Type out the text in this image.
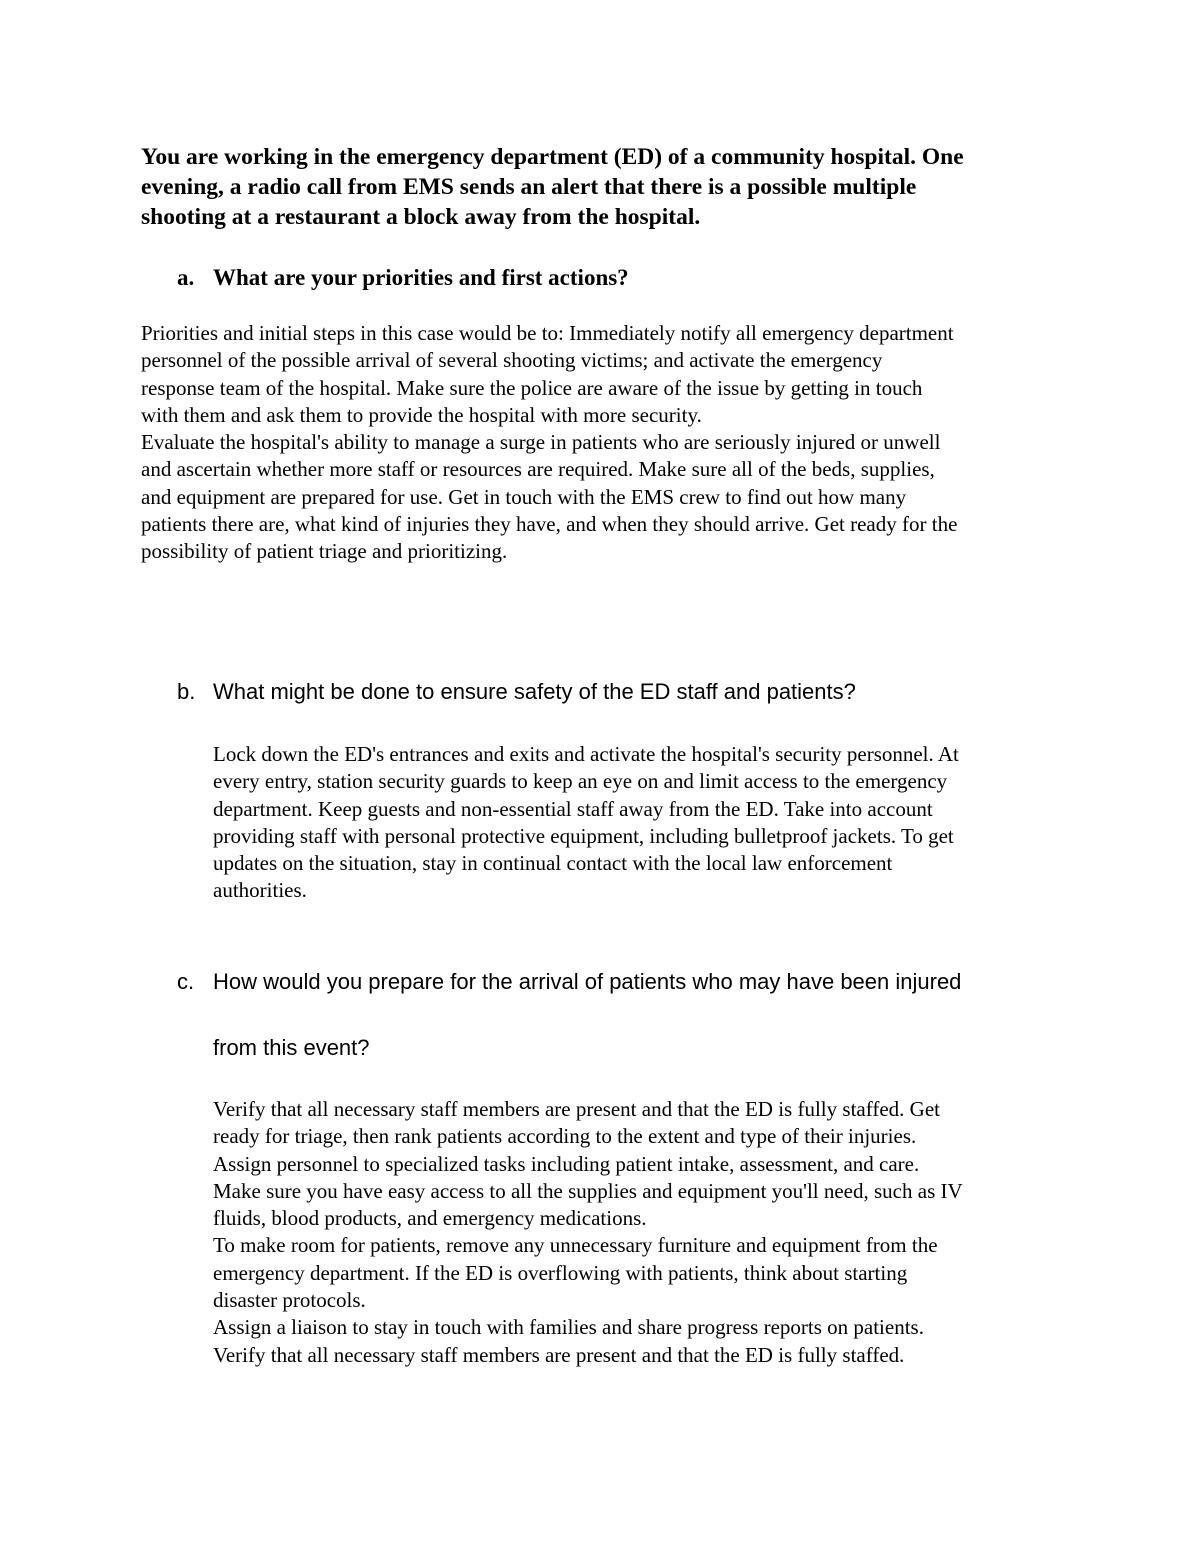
You are working in the emergency department (ED) of a community hospital. One
evening, a radio call from EMS sends an alert that there is a possible multiple
shooting at a restaurant a block away from the hospital.
a. What are your priorities and first actions?
Priorities and initial steps in this case would be to: Immediately notify all emergency department
personnel of the possible arrival of several shooting victims; and activate the emergency
response team of the hospital. Make sure the police are aware of the issue by getting in touch
with them and ask them to provide the hospital with more security.
Evaluate the hospital's ability to manage a surge in patients who are seriously injured or unwell
and ascertain whether more staff or resources are required. Make sure all of the beds, supplies,
and equipment are prepared for use. Get in touch with the EMS crew to find out how many
patients there are, what kind of injuries they have, and when they should arrive. Get ready for the
possibility of patient triage and prioritizing.
b. What might be done to ensure safety of the ED staff and patients?
Lock down the ED's entrances and exits and activate the hospital's security personnel. At
every entry, station security guards to keep an eye on and limit access to the emergency
department. Keep guests and non-essential staff away from the ED. Take into account
providing staff with personal protective equipment, including bulletproof jackets. To get
updates on the situation, stay in continual contact with the local law enforcement
authorities.
c. How would you prepare for the arrival of patients who may have been injured
from this event?
Verify that all necessary staff members are present and that the ED is fully staffed. Get
ready for triage, then rank patients according to the extent and type of their injuries.
Assign personnel to specialized tasks including patient intake, assessment, and care.
Make sure you have easy access to all the supplies and equipment you'll need, such as IV
fluids, blood products, and emergency medications.
To make room for patients, remove any unnecessary furniture and equipment from the
emergency department. If the ED is overflowing with patients, think about starting
disaster protocols.
Assign a liaison to stay in touch with families and share progress reports on patients.
Verify that all necessary staff members are present and that the ED is fully staffed.
